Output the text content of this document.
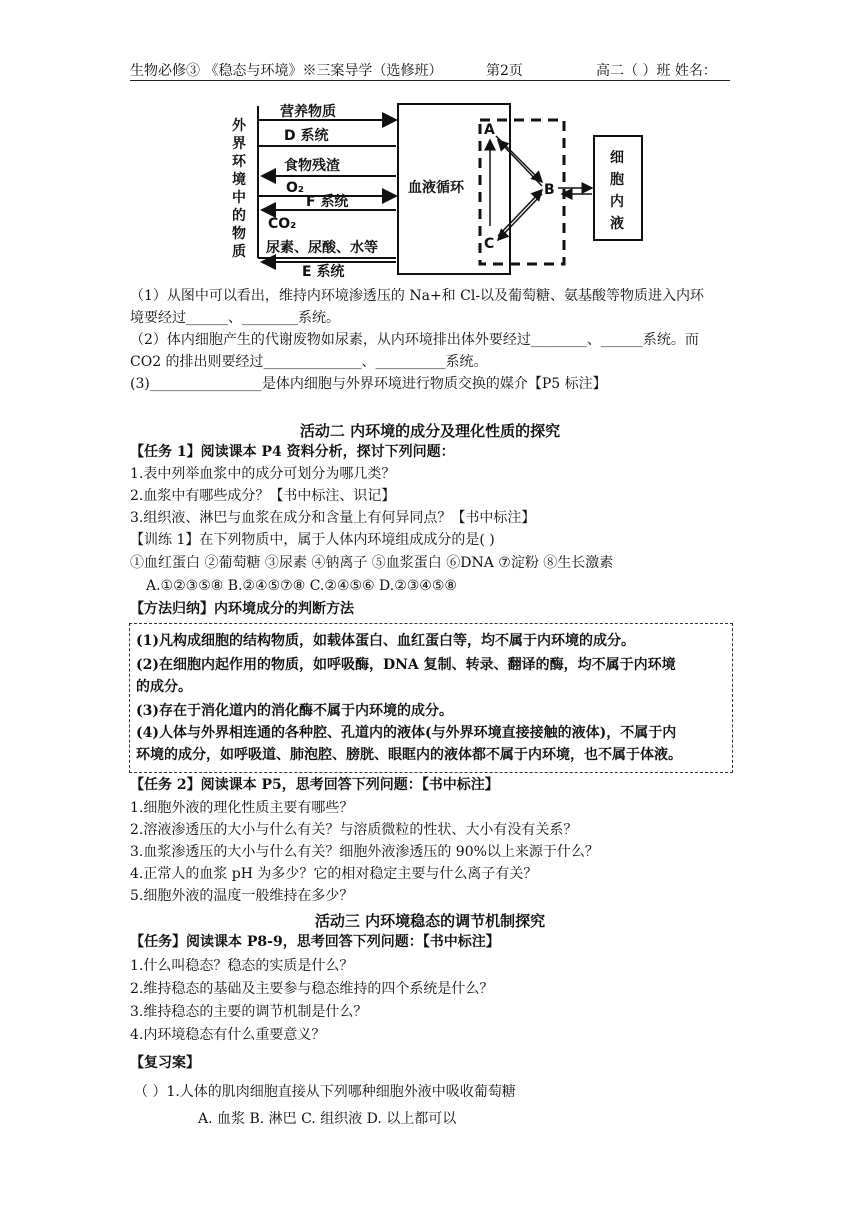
生物必修③ 《稳态与环境》※三案导学（选修班）	第2页	高二（ ）班 姓名：
外
界
环
境
中
的
物
质
血液循环
营养物质
D 系统
食物残渣
O₂
F 系统
CO₂
尿素、尿酸、水等
E 系统
A
C
B
细
胞
内
液
（1）从图中可以看出，维持内环境渗透压的 Na+和 Cl-以及葡萄糖、氨基酸等物质进入内环
境要经过______、________系统。
（2）体内细胞产生的代谢废物如尿素，从内环境排出体外要经过________、______系统。而
CO2 的排出则要经过______________、__________系统。
(3)________________是体内细胞与外界环境进行物质交换的媒介【P5 标注】
活动二 内环境的成分及理化性质的探究
【任务 1】阅读课本 P4 资料分析，探讨下列问题：
1.表中列举血浆中的成分可划分为哪几类？
2.血浆中有哪些成分？【书中标注、识记】
3.组织液、淋巴与血浆在成分和含量上有何异同点？【书中标注】
【训练 1】在下列物质中，属于人体内环境组成成分的是( )
①血红蛋白 ②葡萄糖 ③尿素 ④钠离子 ⑤血浆蛋白 ⑥DNA ⑦淀粉 ⑧生长激素
A.①②③⑤⑧ B.②④⑤⑦⑧ C.②④⑤⑥ D.②③④⑤⑧
【方法归纳】内环境成分的判断方法
(1)凡构成细胞的结构物质，如载体蛋白、血红蛋白等，均不属于内环境的成分。
(2)在细胞内起作用的物质，如呼吸酶，DNA 复制、转录、翻译的酶，均不属于内环境
的成分。
(3)存在于消化道内的消化酶不属于内环境的成分。
(4)人体与外界相连通的各种腔、孔道内的液体(与外界环境直接接触的液体)，不属于内
环境的成分，如呼吸道、肺泡腔、膀胱、眼眶内的液体都不属于内环境，也不属于体液。
【任务 2】阅读课本 P5，思考回答下列问题：【书中标注】
1.细胞外液的理化性质主要有哪些？
2.溶液渗透压的大小与什么有关？与溶质微粒的性状、大小有没有关系？
3.血浆渗透压的大小与什么有关？细胞外液渗透压的 90%以上来源于什么？
4.正常人的血浆 pH 为多少？它的相对稳定主要与什么离子有关？
5.细胞外液的温度一般维持在多少？
活动三 内环境稳态的调节机制探究
【任务】阅读课本 P8-9，思考回答下列问题：【书中标注】
1.什么叫稳态？稳态的实质是什么？
2.维持稳态的基础及主要参与稳态维持的四个系统是什么？
3.维持稳态的主要的调节机制是什么？
4.内环境稳态有什么重要意义？
【复习案】
（ ）1.人体的肌肉细胞直接从下列哪种细胞外液中吸收葡萄糖
A. 血浆 B. 淋巴 C. 组织液 D. 以上都可以
